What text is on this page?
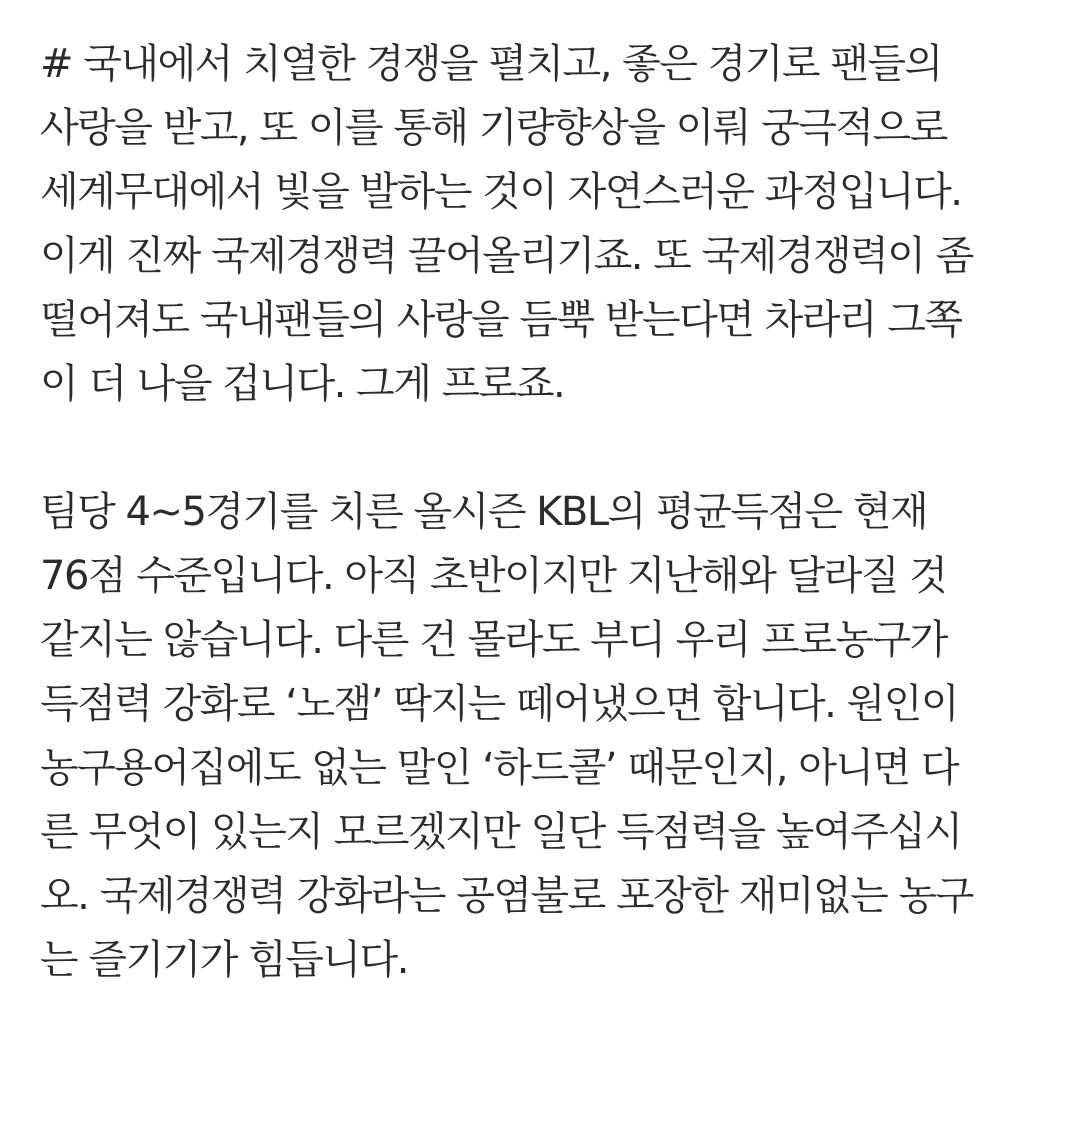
# 국내에서 치열한 경쟁을 펼치고, 좋은 경기로 팬들의
사랑을 받고, 또 이를 통해 기량향상을 이뤄 궁극적으로
세계무대에서 빛을 발하는 것이 자연스러운 과정입니다.
이게 진짜 국제경쟁력 끌어올리기죠. 또 국제경쟁력이 좀
떨어져도 국내팬들의 사랑을 듬뿍 받는다면 차라리 그쪽
이 더 나을 겁니다. 그게 프로죠.

팀당 4~5경기를 치른 올시즌 KBL의 평균득점은 현재
76점 수준입니다. 아직 초반이지만 지난해와 달라질 것
같지는 않습니다. 다른 건 몰라도 부디 우리 프로농구가
득점력 강화로 ‘노잼’ 딱지는 떼어냈으면 합니다. 원인이
농구용어집에도 없는 말인 ‘하드콜’ 때문인지, 아니면 다
른 무엇이 있는지 모르겠지만 일단 득점력을 높여주십시
오. 국제경쟁력 강화라는 공염불로 포장한 재미없는 농구
는 즐기기가 힘듭니다.
